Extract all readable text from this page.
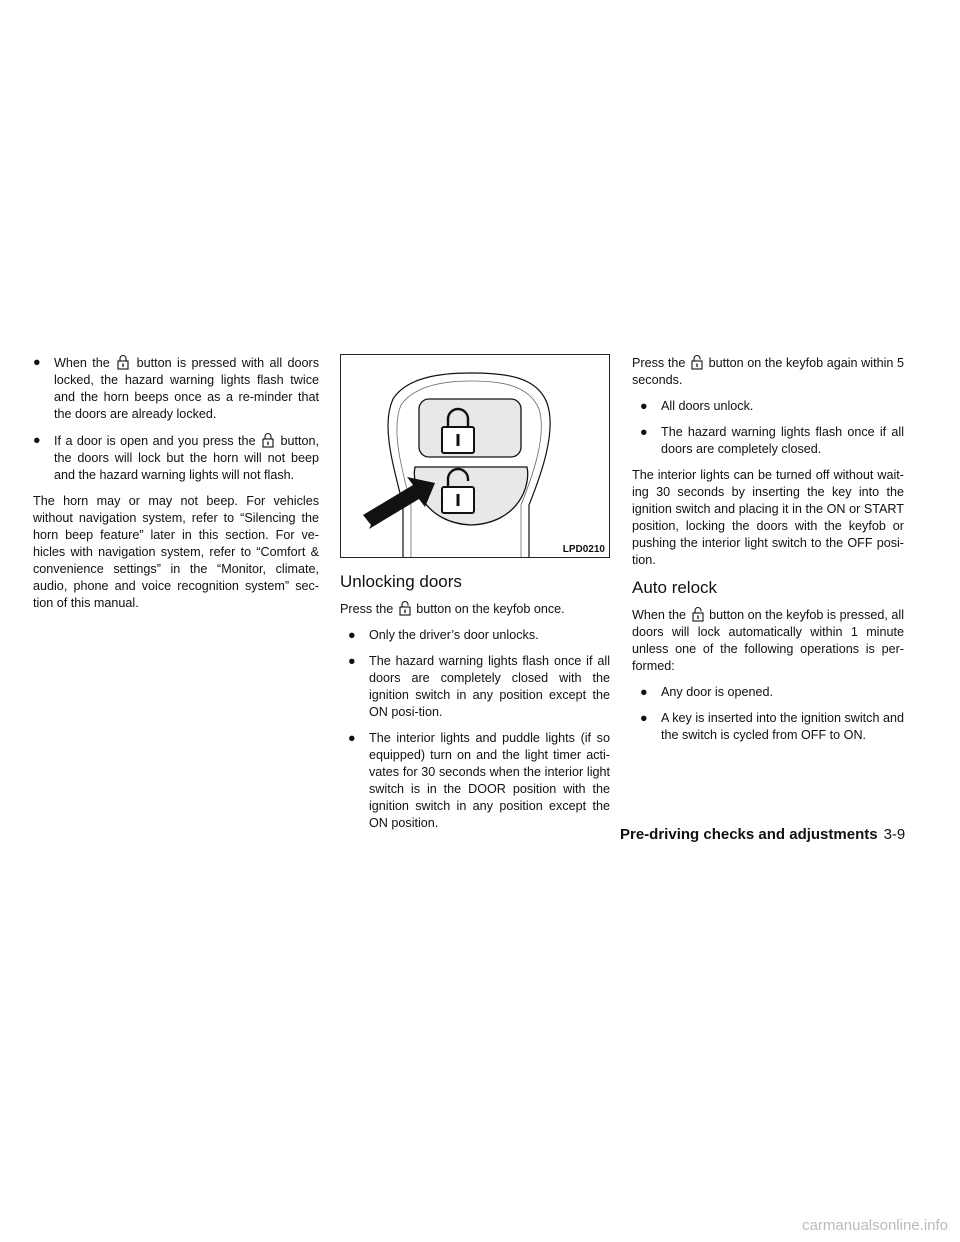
● When the button is pressed with all doors locked, the hazard warning lights flash twice and the horn beeps once as a re-minder that the doors are already locked.
● If a door is open and you press the button, the doors will lock but the horn will not beep and the hazard warning lights will not flash.

The horn may or may not beep. For vehicles without navigation system, refer to “Silencing the horn beep feature” later in this section. For ve-hicles with navigation system, refer to “Comfort & convenience settings” in the “Monitor, climate, audio, phone and voice recognition system” sec-tion of this manual.

LPD0210
Unlocking doors

Press the button on the keyfob once.

● Only the driver’s door unlocks.
● The hazard warning lights flash once if all doors are completely closed with the ignition switch in any position except the ON posi-tion.
● The interior lights and puddle lights (if so equipped) turn on and the light timer acti-vates for 30 seconds when the interior light switch is in the DOOR position with the ignition switch in any position except the ON position.

Press the button on the keyfob again within 5 seconds.

● All doors unlock.
● The hazard warning lights flash once if all doors are completely closed.

The interior lights can be turned off without wait-ing 30 seconds by inserting the key into the ignition switch and placing it in the ON or START position, locking the doors with the keyfob or pushing the interior light switch to the OFF posi-tion.

Auto relock

When the button on the keyfob is pressed, all doors will lock automatically within 1 minute unless one of the following operations is per-formed:

● Any door is opened.
● A key is inserted into the ignition switch and the switch is cycled from OFF to ON.
Pre-driving checks and adjustments 3-9
carmanualsonline.info
